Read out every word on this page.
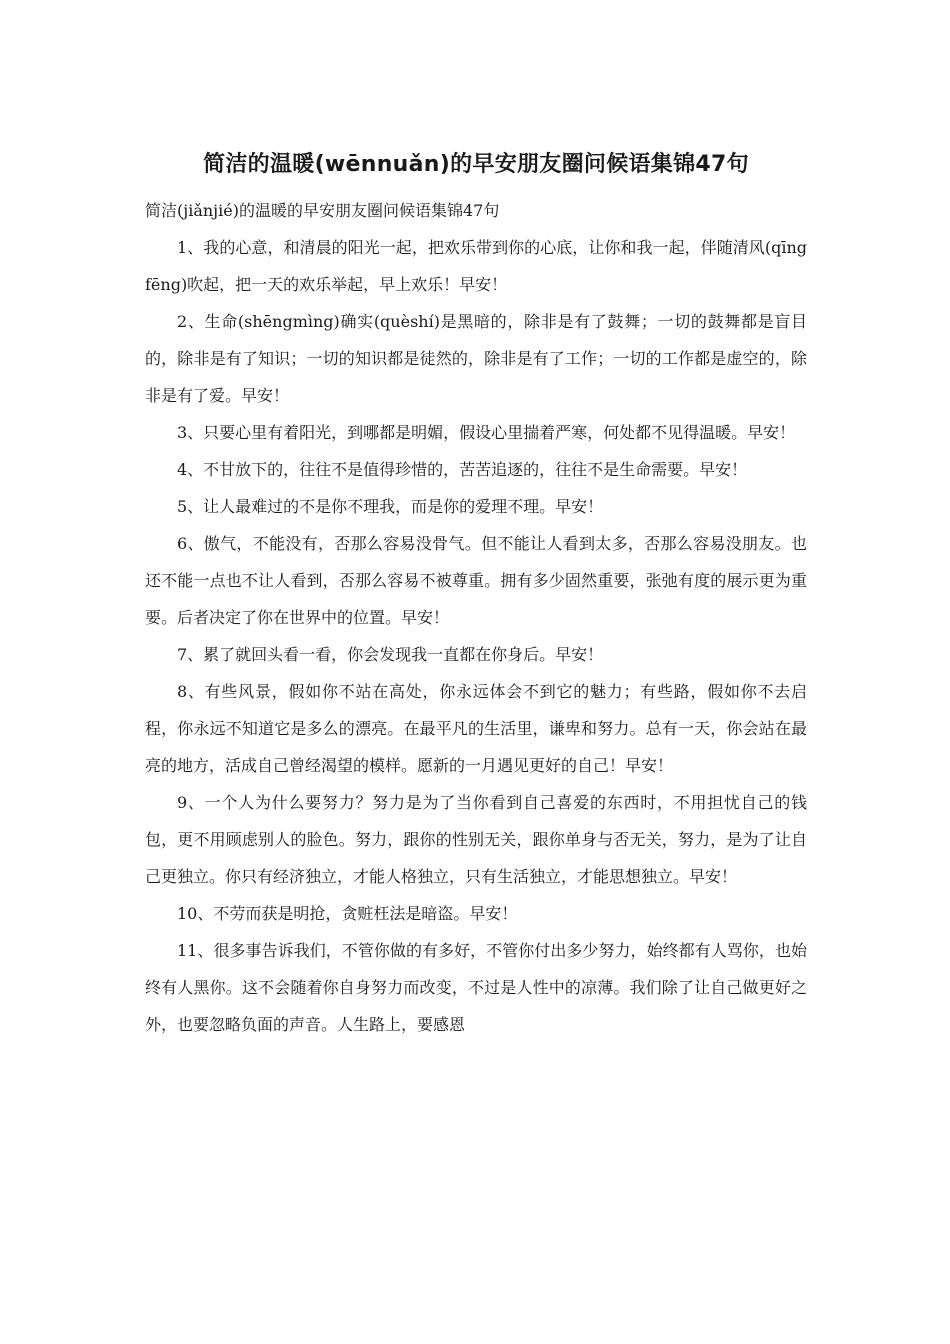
简洁的温暖(wēnnuǎn)的早安朋友圈问候语集锦47句

简洁(jiǎnjié)的温暖的早安朋友圈问候语集锦47句

1、我的心意，和清晨的阳光一起，把欢乐带到你的心底，让你和我一起，伴随清风(qīngfēng)吹起，把一天的欢乐举起，早上欢乐！早安！

2、生命(shēngmìng)确实(quèshí)是黑暗的，除非是有了鼓舞；一切的鼓舞都是盲目的，除非是有了知识；一切的知识都是徒然的，除非是有了工作；一切的工作都是虚空的，除非是有了爱。早安！

3、只要心里有着阳光，到哪都是明媚，假设心里揣着严寒，何处都不见得温暖。早安！

4、不甘放下的，往往不是值得珍惜的，苦苦追逐的，往往不是生命需要。早安！

5、让人最难过的不是你不理我，而是你的爱理不理。早安！

6、傲气，不能没有，否那么容易没骨气。但不能让人看到太多，否那么容易没朋友。也还不能一点也不让人看到，否那么容易不被尊重。拥有多少固然重要，张弛有度的展示更为重要。后者决定了你在世界中的位置。早安！

7、累了就回头看一看，你会发现我一直都在你身后。早安！

8、有些风景，假如你不站在高处，你永远体会不到它的魅力；有些路，假如你不去启程，你永远不知道它是多么的漂亮。在最平凡的生活里，谦卑和努力。总有一天，你会站在最亮的地方，活成自己曾经渴望的模样。愿新的一月遇见更好的自己！早安！

9、一个人为什么要努力？努力是为了当你看到自己喜爱的东西时，不用担忧自己的钱包，更不用顾虑别人的脸色。努力，跟你的性别无关，跟你单身与否无关，努力，是为了让自己更独立。你只有经济独立，才能人格独立，只有生活独立，才能思想独立。早安！

10、不劳而获是明抢，贪赃枉法是暗盗。早安！

11、很多事告诉我们，不管你做的有多好，不管你付出多少努力，始终都有人骂你，也始终有人黑你。这不会随着你自身努力而改变，不过是人性中的凉薄。我们除了让自己做更好之外，也要忽略负面的声音。人生路上，要感恩
